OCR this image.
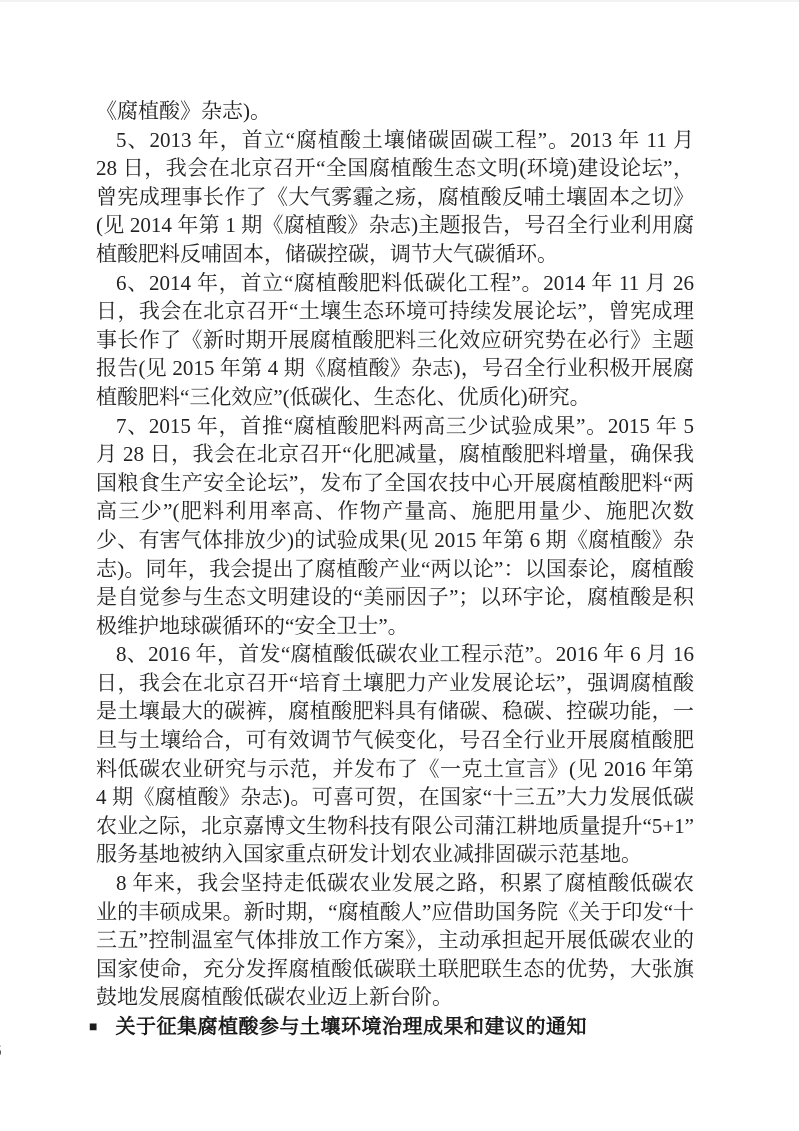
《腐植酸》杂志)。

5、2013 年，首立“腐植酸土壤储碳固碳工程”。2013 年 11 月 28 日，我会在北京召开“全国腐植酸生态文明(环境)建设论坛”，曾宪成理事长作了《大气雾霾之疡，腐植酸反哺土壤固本之切》(见 2014 年第 1 期《腐植酸》杂志)主题报告，号召全行业利用腐植酸肥料反哺固本，储碳控碳，调节大气碳循环。

6、2014 年，首立“腐植酸肥料低碳化工程”。2014 年 11 月 26 日，我会在北京召开“土壤生态环境可持续发展论坛”，曾宪成理事长作了《新时期开展腐植酸肥料三化效应研究势在必行》主题报告(见 2015 年第 4 期《腐植酸》杂志)，号召全行业积极开展腐植酸肥料“三化效应”(低碳化、生态化、优质化)研究。

7、2015 年，首推“腐植酸肥料两高三少试验成果”。2015 年 5 月 28 日，我会在北京召开“化肥减量，腐植酸肥料增量，确保我国粮食生产安全论坛”，发布了全国农技中心开展腐植酸肥料“两高三少”(肥料利用率高、作物产量高、施肥用量少、施肥次数少、有害气体排放少)的试验成果(见 2015 年第 6 期《腐植酸》杂志)。同年，我会提出了腐植酸产业“两以论”：以国泰论，腐植酸是自觉参与生态文明建设的“美丽因子”；以环宇论，腐植酸是积极维护地球碳循环的“安全卫士”。

8、2016 年，首发“腐植酸低碳农业工程示范”。2016 年 6 月 16 日，我会在北京召开“培育土壤肥力产业发展论坛”，强调腐植酸是土壤最大的碳裤，腐植酸肥料具有储碳、稳碳、控碳功能，一旦与土壤给合，可有效调节气候变化，号召全行业开展腐植酸肥料低碳农业研究与示范，并发布了《一克土宣言》(见 2016 年第 4 期《腐植酸》杂志)。可喜可贺，在国家“十三五”大力发展低碳农业之际，北京嘉博文生物科技有限公司蒲江耕地质量提升“5+1”服务基地被纳入国家重点研发计划农业减排固碳示范基地。

8 年来，我会坚持走低碳农业发展之路，积累了腐植酸低碳农业的丰硕成果。新时期，“腐植酸人”应借助国务院《关于印发“十三五”控制温室气体排放工作方案》，主动承担起开展低碳农业的国家使命，充分发挥腐植酸低碳联土联肥联生态的优势，大张旗鼓地发展腐植酸低碳农业迈上新台阶。

■ 关于征集腐植酸参与土壤环境治理成果和建议的通知
